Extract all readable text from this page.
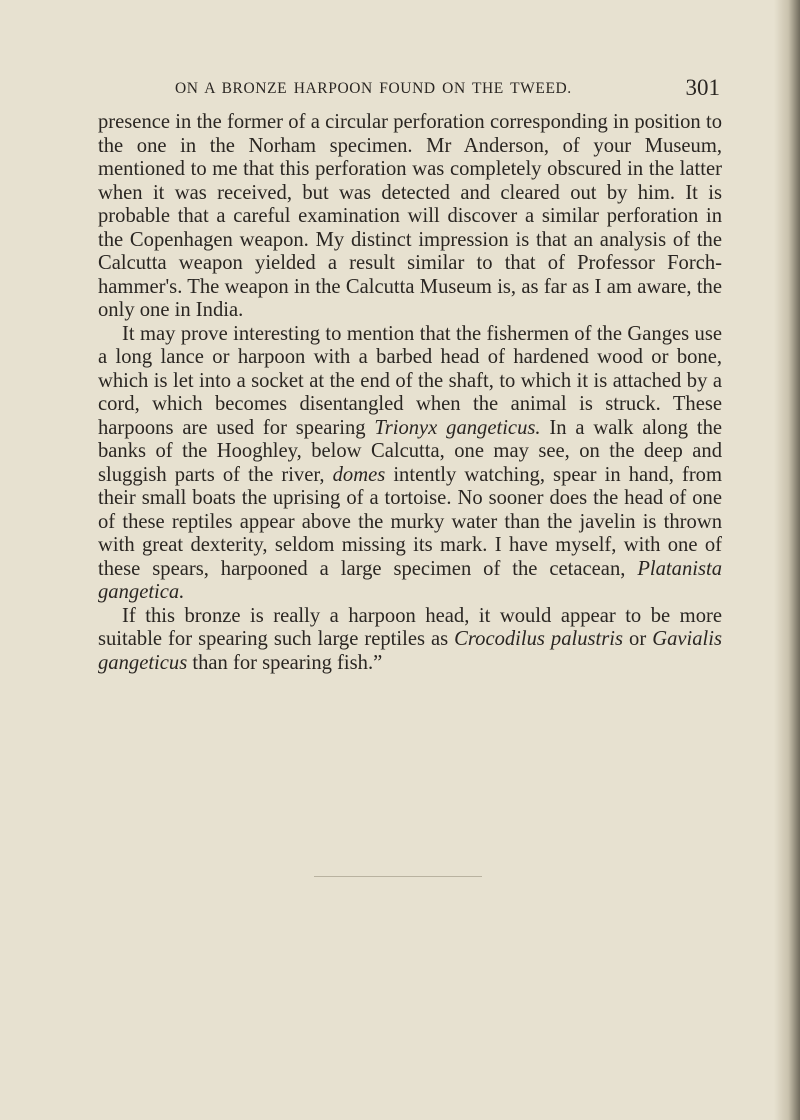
ON A BRONZE HARPOON FOUND ON THE TWEED.	301

presence in the former of a circular perforation corresponding in position to the one in the Norham specimen. Mr Anderson, of your Museum, mentioned to me that this perforation was completely obscured in the latter when it was received, but was detected and cleared out by him. It is probable that a careful examination will discover a similar perforation in the Copenhagen weapon. My distinct impression is that an analysis of the Calcutta weapon yielded a result similar to that of Professor Forch-hammer's. The weapon in the Calcutta Museum is, as far as I am aware, the only one in India.

It may prove interesting to mention that the fishermen of the Ganges use a long lance or harpoon with a barbed head of hardened wood or bone, which is let into a socket at the end of the shaft, to which it is attached by a cord, which becomes disentangled when the animal is struck. These harpoons are used for spearing Trionyx gangeticus. In a walk along the banks of the Hooghley, below Calcutta, one may see, on the deep and sluggish parts of the river, domes intently watching, spear in hand, from their small boats the uprising of a tortoise. No sooner does the head of one of these reptiles appear above the murky water than the javelin is thrown with great dexterity, seldom missing its mark. I have myself, with one of these spears, harpooned a large specimen of the cetacean, Platanista gangetica.

If this bronze is really a harpoon head, it would appear to be more suitable for spearing such large reptiles as Crocodilus palustris or Gavialis gangeticus than for spearing fish.”
